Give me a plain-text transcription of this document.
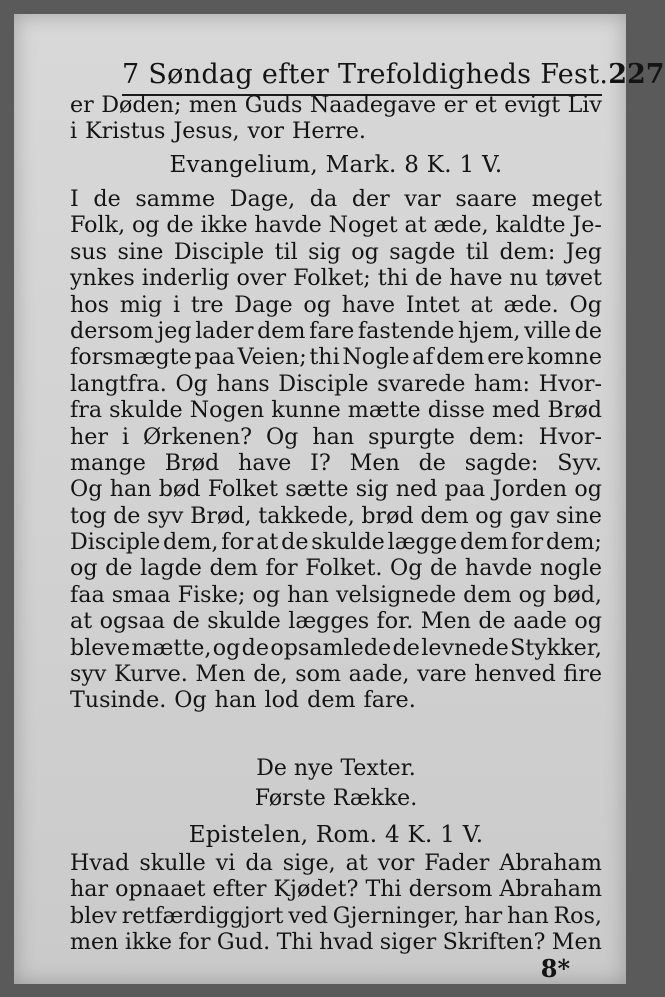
7 Søndag efter Trefoldigheds Fest. 227
er Døden; men Guds Naadegave er et evigt Liv
i Kristus Jesus, vor Herre.
Evangelium, Mark. 8 K. 1 V.
I de samme Dage, da der var saare meget
Folk, og de ikke havde Noget at æde, kaldte Je-
sus sine Disciple til sig og sagde til dem: Jeg
ynkes inderlig over Folket; thi de have nu tøvet
hos mig i tre Dage og have Intet at æde. Og
dersom jeg lader dem fare fastende hjem, ville de
forsmægte paa Veien; thi Nogle af dem ere komne
langtfra. Og hans Disciple svarede ham: Hvor-
fra skulde Nogen kunne mætte disse med Brød
her i Ørkenen? Og han spurgte dem: Hvor-
mange Brød have I? Men de sagde: Syv.
Og han bød Folket sætte sig ned paa Jorden og
tog de syv Brød, takkede, brød dem og gav sine
Disciple dem, for at de skulde lægge dem for dem;
og de lagde dem for Folket. Og de havde nogle
faa smaa Fiske; og han velsignede dem og bød,
at ogsaa de skulde lægges for. Men de aade og
bleve mætte, og de opsamlede de levnede Stykker,
syv Kurve. Men de, som aade, vare henved fire
Tusinde. Og han lod dem fare.
De nye Texter.
Første Række.
Epistelen, Rom. 4 K. 1 V.
Hvad skulle vi da sige, at vor Fader Abraham
har opnaaet efter Kjødet? Thi dersom Abraham
blev retfærdiggjort ved Gjerninger, har han Ros,
men ikke for Gud. Thi hvad siger Skriften? Men
8*
